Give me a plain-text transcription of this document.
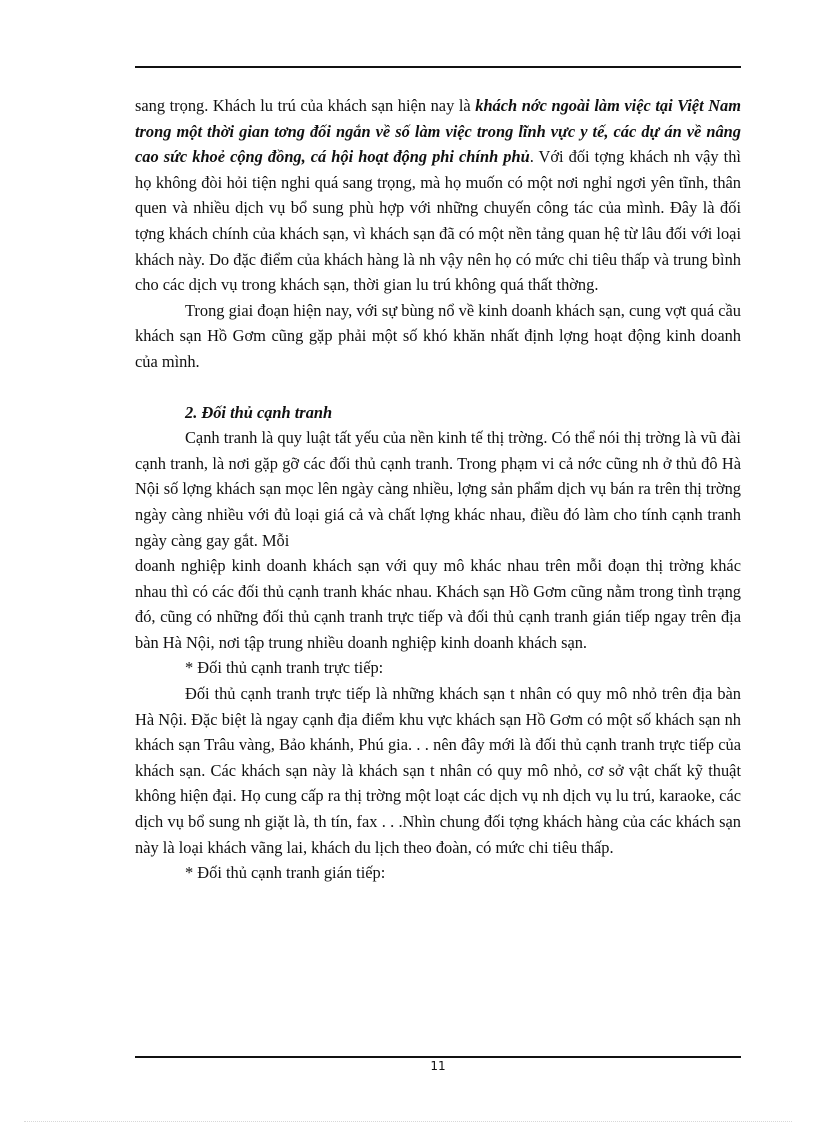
sang trọng. Khách lu trú của khách sạn hiện nay là khách nớc ngoài làm việc tại Việt Nam trong một thời gian tơng đối ngắn về số làm việc trong lĩnh vực y tế, các dự án về nâng cao sức khoẻ cộng đồng, cá hội hoạt động phi chính phủ. Với đối tợng khách nh vậy thì họ không đòi hỏi tiện nghi quá sang trọng, mà họ muốn có một nơi nghỉ ngơi yên tĩnh, thân quen và nhiều dịch vụ bổ sung phù hợp với những chuyến công tác của mình. Đây là đối tợng khách chính của khách sạn, vì khách sạn đã có một nền tảng quan hệ từ lâu đối với loại khách này. Do đặc điểm của khách hàng là nh vậy nên họ có mức chi tiêu thấp và trung bình cho các dịch vụ trong khách sạn, thời gian lu trú không quá thất thờng.

Trong giai đoạn hiện nay, với sự bùng nổ về kinh doanh khách sạn, cung vợt quá cầu khách sạn Hồ Gơm cũng gặp phải một số khó khăn nhất định lợng hoạt động kinh doanh của mình.

2. Đối thủ cạnh tranh

Cạnh tranh là quy luật tất yếu của nền kinh tế thị trờng. Có thể nói thị trờng là vũ đài cạnh tranh, là nơi gặp gỡ các đối thủ cạnh tranh. Trong phạm vi cả nớc cũng nh ở thủ đô Hà Nội số lợng khách sạn mọc lên ngày càng nhiều, lợng sản phẩm dịch vụ bán ra trên thị trờng ngày càng nhiều với đủ loại giá cả và chất lợng khác nhau, điều đó làm cho tính cạnh tranh ngày càng gay gắt. Mỗi

doanh nghiệp kinh doanh khách sạn với quy mô khác nhau trên mỗi đoạn thị trờng khác nhau thì có các đối thủ cạnh tranh khác nhau. Khách sạn Hồ Gơm cũng nằm trong tình trạng đó, cũng có những đối thủ cạnh tranh trực tiếp và đối thủ cạnh tranh gián tiếp ngay trên địa bàn Hà Nội, nơi tập trung nhiều doanh nghiệp kinh doanh khách sạn.

* Đối thủ cạnh tranh trực tiếp:

Đối thủ cạnh tranh trực tiếp là những khách sạn t nhân có quy mô nhỏ trên địa bàn Hà Nội. Đặc biệt là ngay cạnh địa điểm khu vực khách sạn Hồ Gơm có một số khách sạn nh khách sạn Trâu vàng, Bảo khánh, Phú gia. . . nên đây mới là đối thủ cạnh tranh trực tiếp của khách sạn. Các khách sạn này là khách sạn t nhân có quy mô nhỏ, cơ sở vật chất kỹ thuật không hiện đại. Họ cung cấp ra thị trờng một loạt các dịch vụ nh dịch vụ lu trú, karaoke, các dịch vụ bổ sung nh giặt là, th tín, fax . . .Nhìn chung đối tợng khách hàng của các khách sạn này là loại khách vãng lai, khách du lịch theo đoàn, có mức chi tiêu thấp.

* Đối thủ cạnh tranh gián tiếp:

11
